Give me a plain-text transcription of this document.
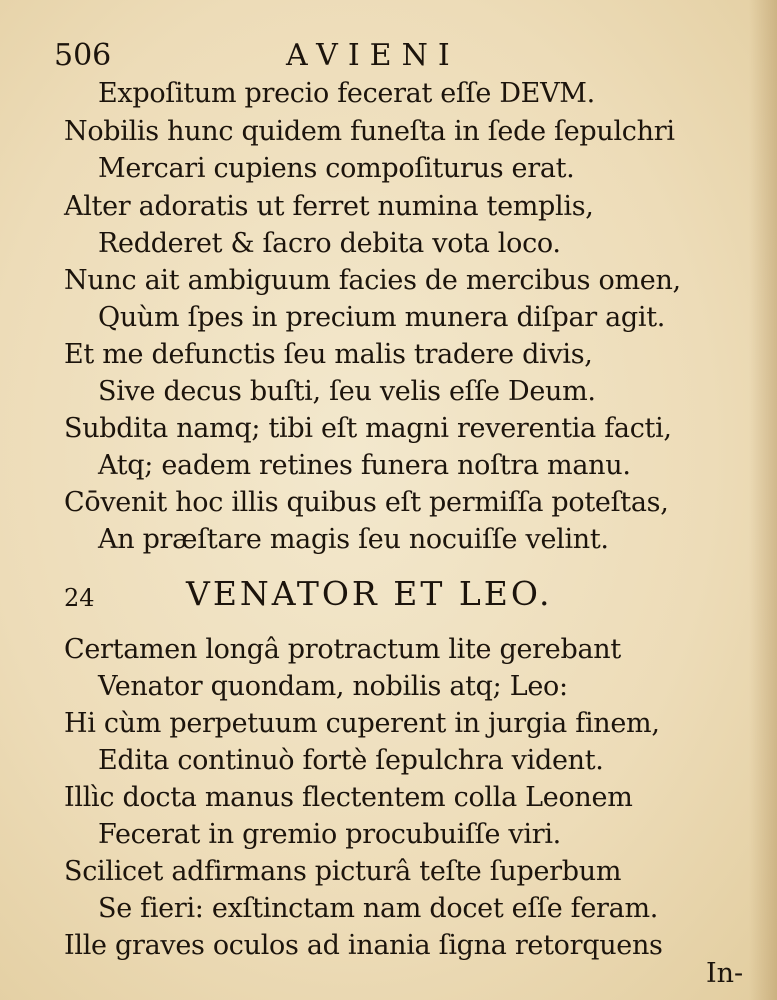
506	AVIENI
Expoſitum precio fecerat eſſe DEVM.
Nobilis hunc quidem funeſta in ſede ſepulchri
Mercari cupiens compoſiturus erat.
Alter adoratis ut ferret numina templis,
Redderet & ſacro debita vota loco.
Nunc ait ambiguum facies de mercibus omen,
Quùm ſpes in precium munera diſpar agit.
Et me defunctis ſeu malis tradere divis,
Sive decus buſti, ſeu velis eſſe Deum.
Subdita namq; tibi eſt magni reverentia facti,
Atq; eadem retines funera noſtra manu.
Cōvenit hoc illis quibus eſt permiſſa poteſtas,
An præſtare magis ſeu nocuiſſe velint.
24	VENATOR ET LEO.
Certamen longâ protractum lite gerebant
Venator quondam, nobilis atq; Leo:
Hi cùm perpetuum cuperent in jurgia finem,
Edita continuò fortè ſepulchra vident.
Illìc docta manus flectentem colla Leonem
Fecerat in gremio procubuiſſe viri.
Scilicet adfirmans picturâ teſte ſuperbum
Se fieri: exſtinctam nam docet eſſe feram.
Ille graves oculos ad inania ſigna retorquens
In-
